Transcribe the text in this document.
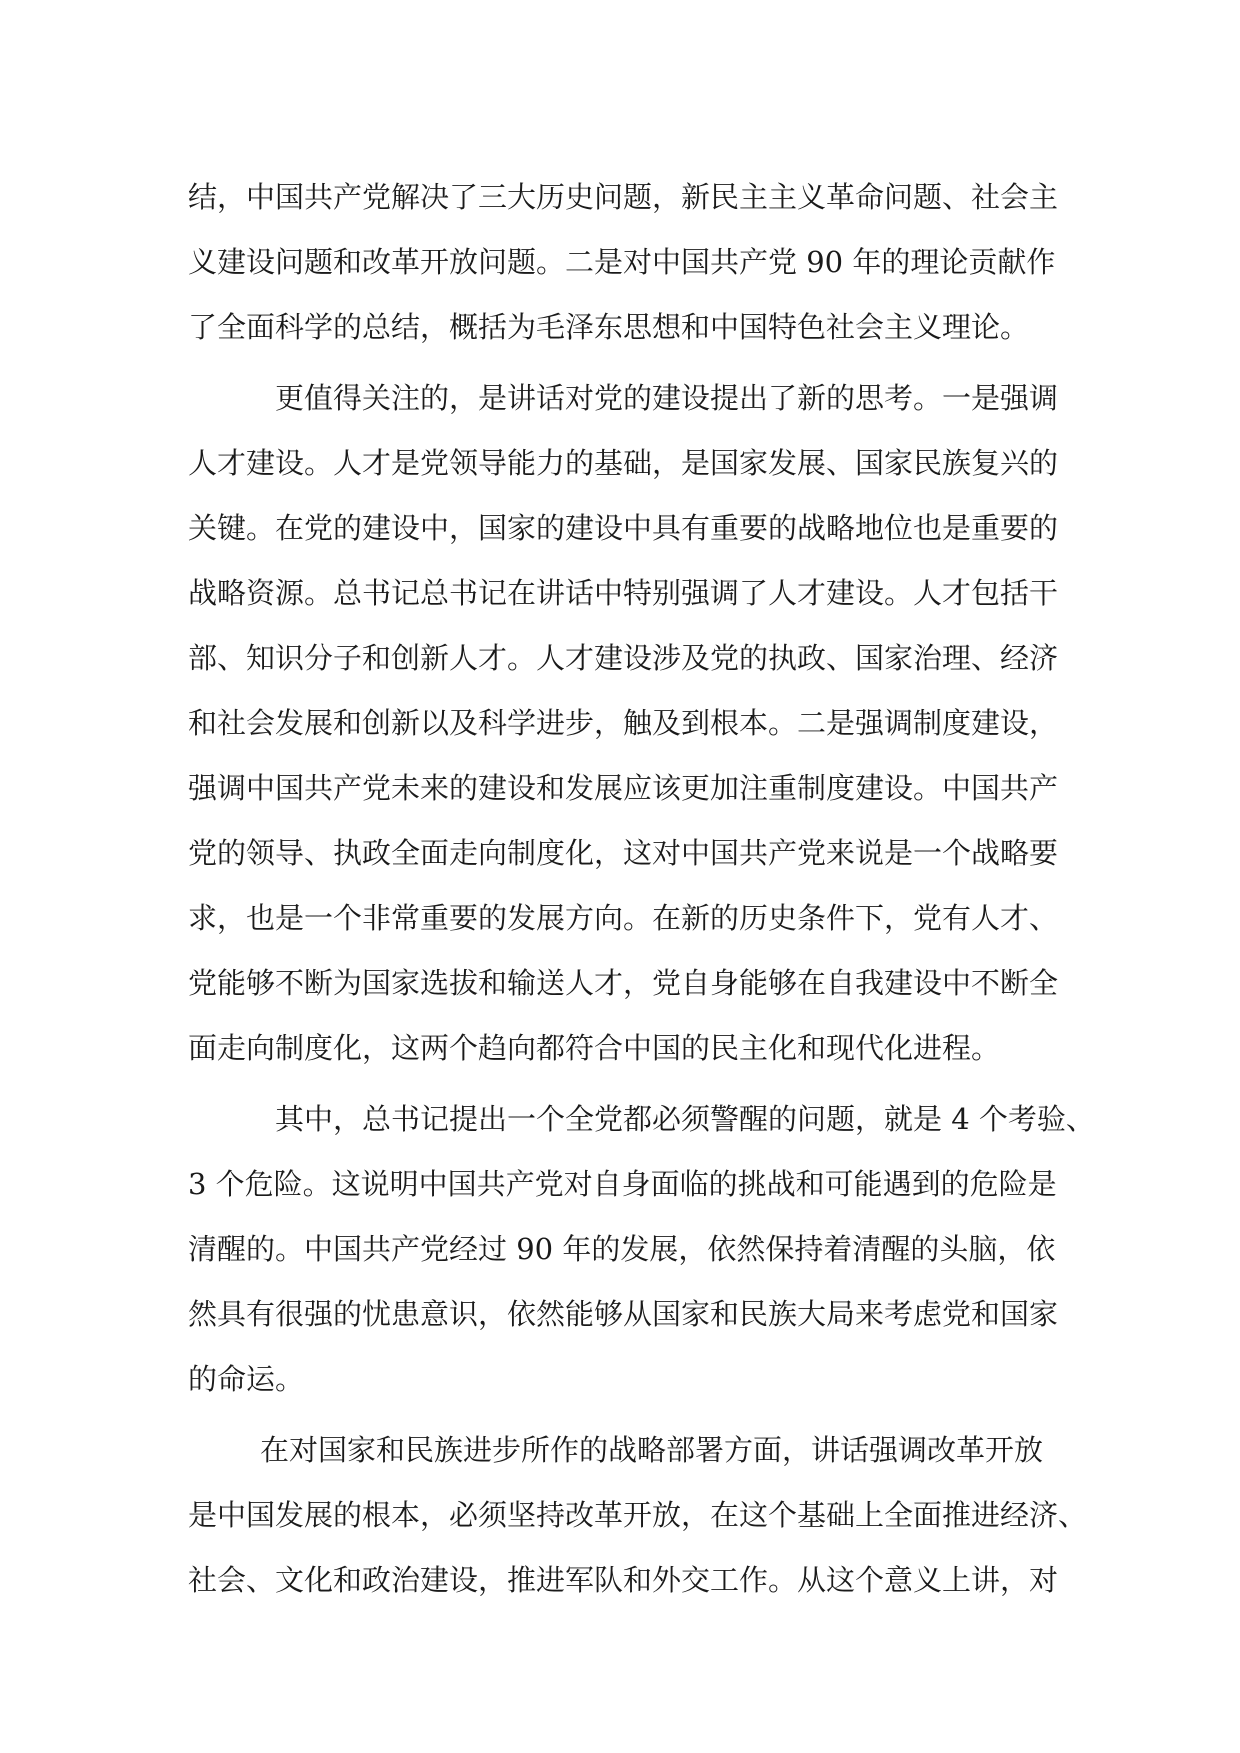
结，中国共产党解决了三大历史问题，新民主主义革命问题、社会主
义建设问题和改革开放问题。二是对中国共产党 90 年的理论贡献作
了全面科学的总结，概括为毛泽东思想和中国特色社会主义理论。
更值得关注的，是讲话对党的建设提出了新的思考。一是强调
人才建设。人才是党领导能力的基础，是国家发展、国家民族复兴的
关键。在党的建设中，国家的建设中具有重要的战略地位也是重要的
战略资源。总书记总书记在讲话中特别强调了人才建设。人才包括干
部、知识分子和创新人才。人才建设涉及党的执政、国家治理、经济
和社会发展和创新以及科学进步，触及到根本。二是强调制度建设，
强调中国共产党未来的建设和发展应该更加注重制度建设。中国共产
党的领导、执政全面走向制度化，这对中国共产党来说是一个战略要
求，也是一个非常重要的发展方向。在新的历史条件下，党有人才、
党能够不断为国家选拔和输送人才，党自身能够在自我建设中不断全
面走向制度化，这两个趋向都符合中国的民主化和现代化进程。
其中，总书记提出一个全党都必须警醒的问题，就是 4 个考验、
3 个危险。这说明中国共产党对自身面临的挑战和可能遇到的危险是
清醒的。中国共产党经过 90 年的发展，依然保持着清醒的头脑，依
然具有很强的忧患意识，依然能够从国家和民族大局来考虑党和国家
的命运。
在对国家和民族进步所作的战略部署方面，讲话强调改革开放
是中国发展的根本，必须坚持改革开放，在这个基础上全面推进经济、
社会、文化和政治建设，推进军队和外交工作。从这个意义上讲，对
